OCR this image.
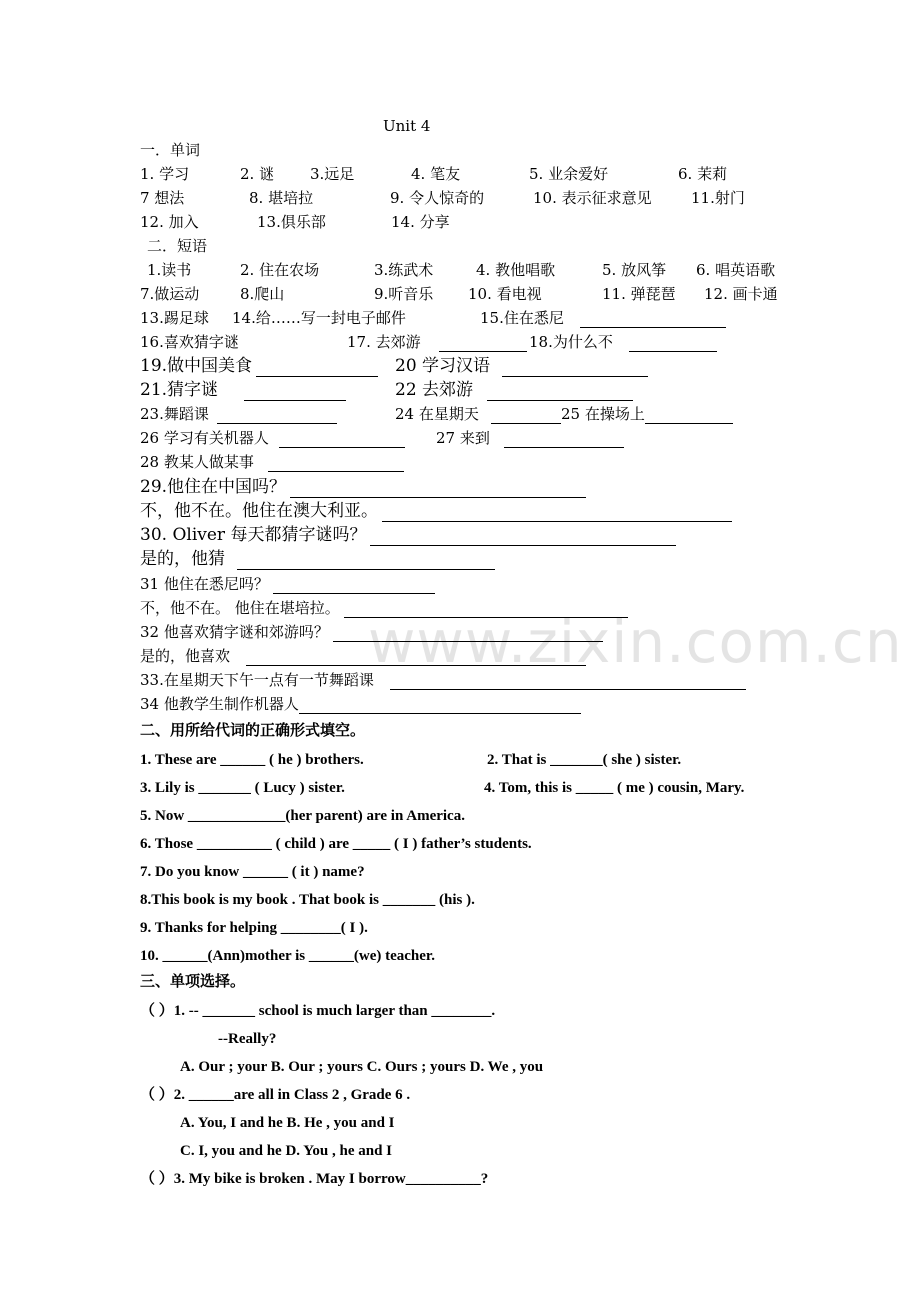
www.zixin.com.cn
Unit 4
一．单词
1. 学习	2. 谜 3.远足	4. 笔友	5. 业余爱好	6. 茉莉
7 想法	8. 堪培拉	9. 令人惊奇的	10. 表示征求意见	11.射门
12. 加入	13.俱乐部	14. 分享
二．短语
1.读书	2. 住在农场	3.练武术	4. 教他唱歌	5. 放风筝 6. 唱英语歌
7.做运动	8.爬山	9.听音乐 10. 看电视	11. 弹琵琶 12. 画卡通
13.踢足球 14.给……写一封电子邮件	15.住在悉尼
16.喜欢猜字谜	17. 去郊游	18.为什么不
19.做中国美食	20 学习汉语
21.猜字谜	22 去郊游
23.舞蹈课	24 在星期天	25 在操场上
26 学习有关机器人	27 来到
28 教某人做某事
29.他住在中国吗？
不，他不在。他住在澳大利亚。
30. Oliver 每天都猜字谜吗？
是的，他猜
31 他住在悉尼吗？
不，他不在。 他住在堪培拉。
32 他喜欢猜字谜和郊游吗？
是的，他喜欢
33.在星期天下午一点有一节舞蹈课
34 他教学生制作机器人
二、用所给代词的正确形式填空。
1. These are ______ ( he ) brothers.	2. That is _______( she ) sister.
3. Lily is _______ ( Lucy ) sister.	4. Tom, this is _____ ( me ) cousin, Mary.
5. Now _____________(her parent) are in America.
6. Those __________ ( child ) are _____ ( I ) father’s students.
7. Do you know ______ ( it ) name?
8.This book is my book . That book is _______ (his ).
9. Thanks for helping ________( I ).
10. ______(Ann)mother is ______(we) teacher.
三、单项选择。
（ ）1. -- _______ school is much larger than ________.
--Really?
A. Our ; your B. Our ; yours C. Ours ; yours D. We , you
（ ）2. ______are all in Class 2 , Grade 6 .
A. You, I and he B. He , you and I
C. I, you and he D. You , he and I
（ ）3. My bike is broken . May I borrow__________?
